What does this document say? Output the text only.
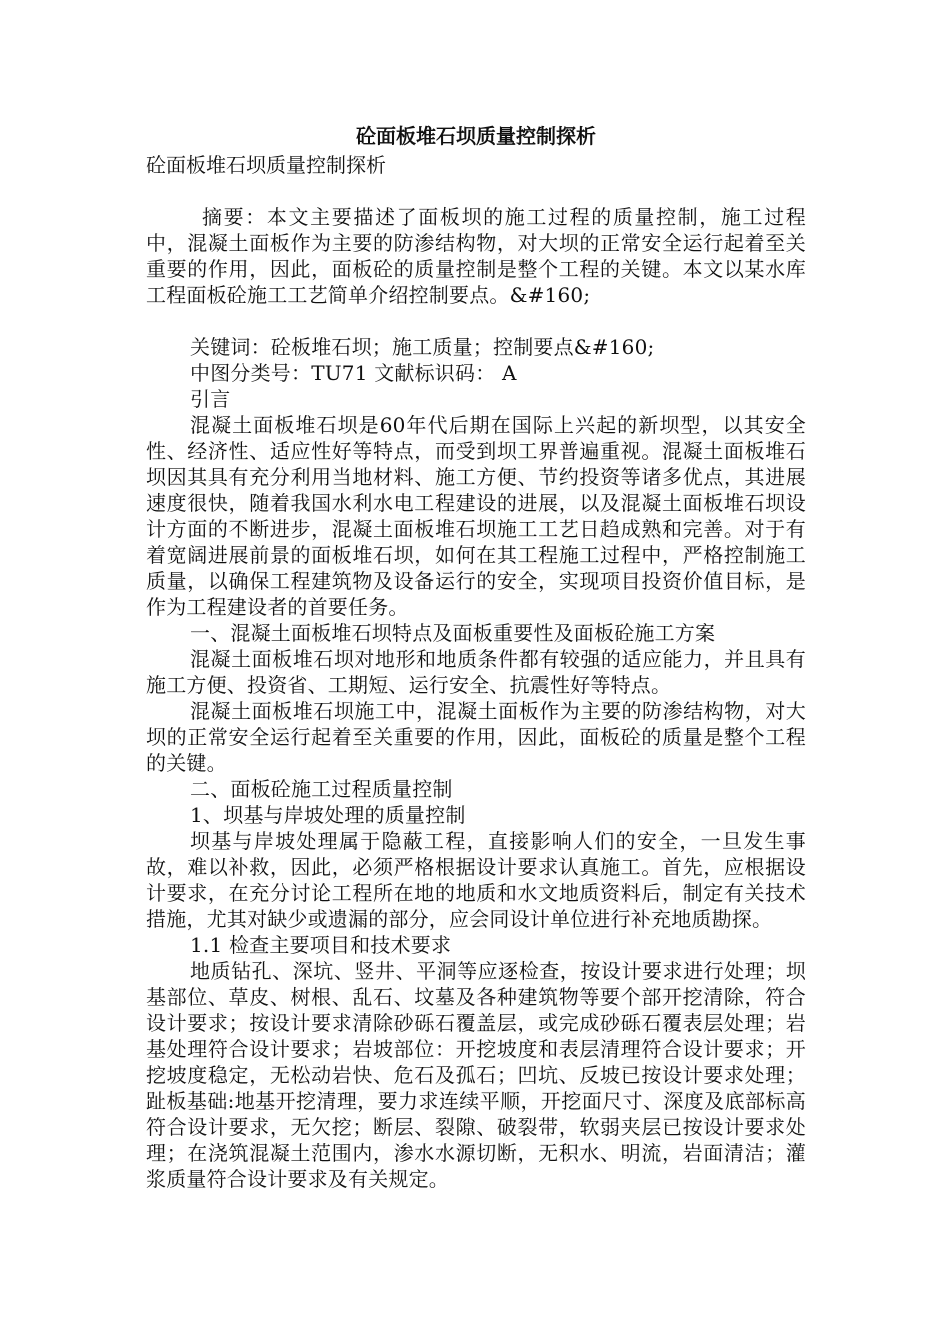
砼面板堆石坝质量控制探析

砼面板堆石坝质量控制探析

摘要：本文主要描述了面板坝的施工过程的质量控制，施工过程中，混凝土面板作为主要的防渗结构物，对大坝的正常安全运行起着至关重要的作用，因此，面板砼的质量控制是整个工程的关键。本文以某水库工程面板砼施工工艺简单介绍控制要点。&#160;

关键词：砼板堆石坝；施工质量；控制要点&#160;

中图分类号：TU71 文献标识码： A

引言

混凝土面板堆石坝是60年代后期在国际上兴起的新坝型，以其安全性、经济性、适应性好等特点，而受到坝工界普遍重视。混凝土面板堆石坝因其具有充分利用当地材料、施工方便、节约投资等诸多优点，其进展速度很快，随着我国水利水电工程建设的进展，以及混凝土面板堆石坝设计方面的不断进步，混凝土面板堆石坝施工工艺日趋成熟和完善。对于有着宽阔进展前景的面板堆石坝，如何在其工程施工过程中，严格控制施工质量，以确保工程建筑物及设备运行的安全，实现项目投资价值目标，是作为工程建设者的首要任务。

一、混凝土面板堆石坝特点及面板重要性及面板砼施工方案

混凝土面板堆石坝对地形和地质条件都有较强的适应能力，并且具有施工方便、投资省、工期短、运行安全、抗震性好等特点。

混凝土面板堆石坝施工中，混凝土面板作为主要的防渗结构物，对大坝的正常安全运行起着至关重要的作用，因此，面板砼的质量是整个工程的关键。

二、面板砼施工过程质量控制

1、坝基与岸坡处理的质量控制

坝基与岸坡处理属于隐蔽工程，直接影响人们的安全，一旦发生事故，难以补救，因此，必须严格根据设计要求认真施工。首先，应根据设计要求，在充分讨论工程所在地的地质和水文地质资料后，制定有关技术措施，尤其对缺少或遗漏的部分，应会同设计单位进行补充地质勘探。

1.1 检查主要项目和技术要求

地质钻孔、深坑、竖井、平洞等应逐检查，按设计要求进行处理；坝基部位、草皮、树根、乱石、坟墓及各种建筑物等要个部开挖清除，符合设计要求；按设计要求清除砂砾石覆盖层，或完成砂砾石覆表层处理；岩基处理符合设计要求；岩坡部位：开挖坡度和表层清理符合设计要求；开挖坡度稳定，无松动岩快、危石及孤石；凹坑、反坡已按设计要求处理；趾板基础:地基开挖清理，要力求连续平顺，开挖面尺寸、深度及底部标高符合设计要求，无欠挖；断层、裂隙、破裂带，软弱夹层已按设计要求处理；在浇筑混凝土范围内，渗水水源切断，无积水、明流，岩面清洁；灌浆质量符合设计要求及有关规定。
